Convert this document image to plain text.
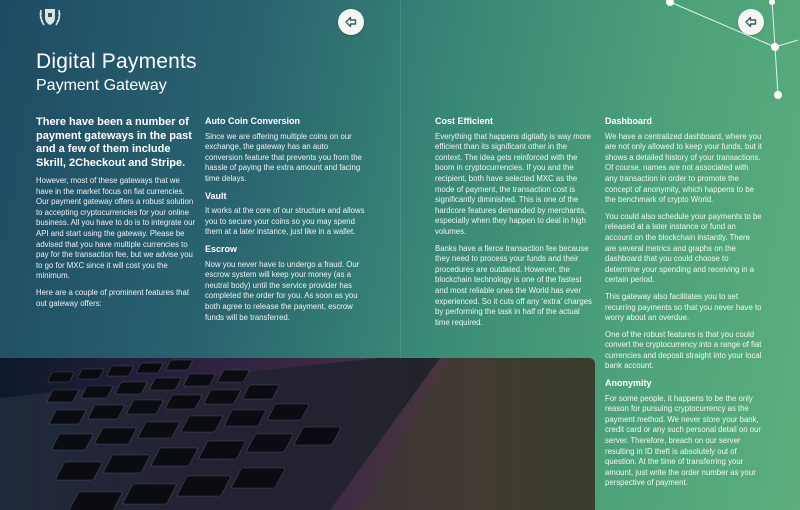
Digital Payments
Payment Gateway

There have been a number of payment gateways in the past and a few of them include Skrill, 2Checkout and Stripe.

However, most of these gateways that we have in the market focus on fiat currencies. Our payment gateway offers a robust solution to accepting cryptocurrencies for your online business. All you have to do is to integrate our API and start using the gateway. Please be advised that you have multiple currencies to pay for the transaction fee, but we advise you to go for MXC since it will cost you the minimum.

Here are a couple of prominent features that out gateway offers:

Auto Coin Conversion

Since we are offering multiple coins on our exchange, the gateway has an auto conversion feature that prevents you from the hassle of paying the extra amount and facing time delays.

Vault

It works at the core of our structure and allows you to secure your coins so you may spend them at a later instance, just like in a wallet.

Escrow

Now you never have to undergo a fraud. Our escrow system will keep your money (as a neutral body) until the service provider has completed the order for you. As soon as you both agree to release the payment, escrow funds will be transferred.

Cost Efficient

Everything that happens digitally is way more efficient than its significant other in the context. The idea gets reinforced with the boom in cryptocurrencies. If you and the recipient, both have selected MXC as the mode of payment, the transaction cost is significantly diminished. This is one of the hardcore features demanded by merchants, especially when they happen to deal in high volumes.

Banks have a fierce transaction fee because they need to process your funds and their procedures are outdated. However, the blockchain technology is one of the fastest and most reliable ones the World has ever experienced. So it cuts off any ‘extra’ charges by performing the task in half of the actual time required.

Dashboard

We have a centralized dashboard, where you are not only allowed to keep your funds, but it shows a detailed history of your transactions. Of course, names are not associated with any transaction in order to promote the concept of anonymity, which happens to be the benchmark of crypto World.

You could also schedule your payments to be released at a later instance or fund an account on the blockchain instantly. There are several metrics and graphs on the dashboard that you could choose to determine your spending and receiving in a certain period.

This gateway also facilitates you to set recurring payments so that you never have to worry about an overdue.

One of the robust features is that you could convert the cryptocurrency into a range of fiat currencies and deposit straight into your local bank account.

Anonymity

For some people, it happens to be the only reason for pursuing cryptocurrency as the payment method. We never store your bank, credit card or any such personal detail on our server. Therefore, breach on our server resulting in ID theft is absolutely out of question. At the time of transferring your amount, just write the order number as your perspective of payment.
